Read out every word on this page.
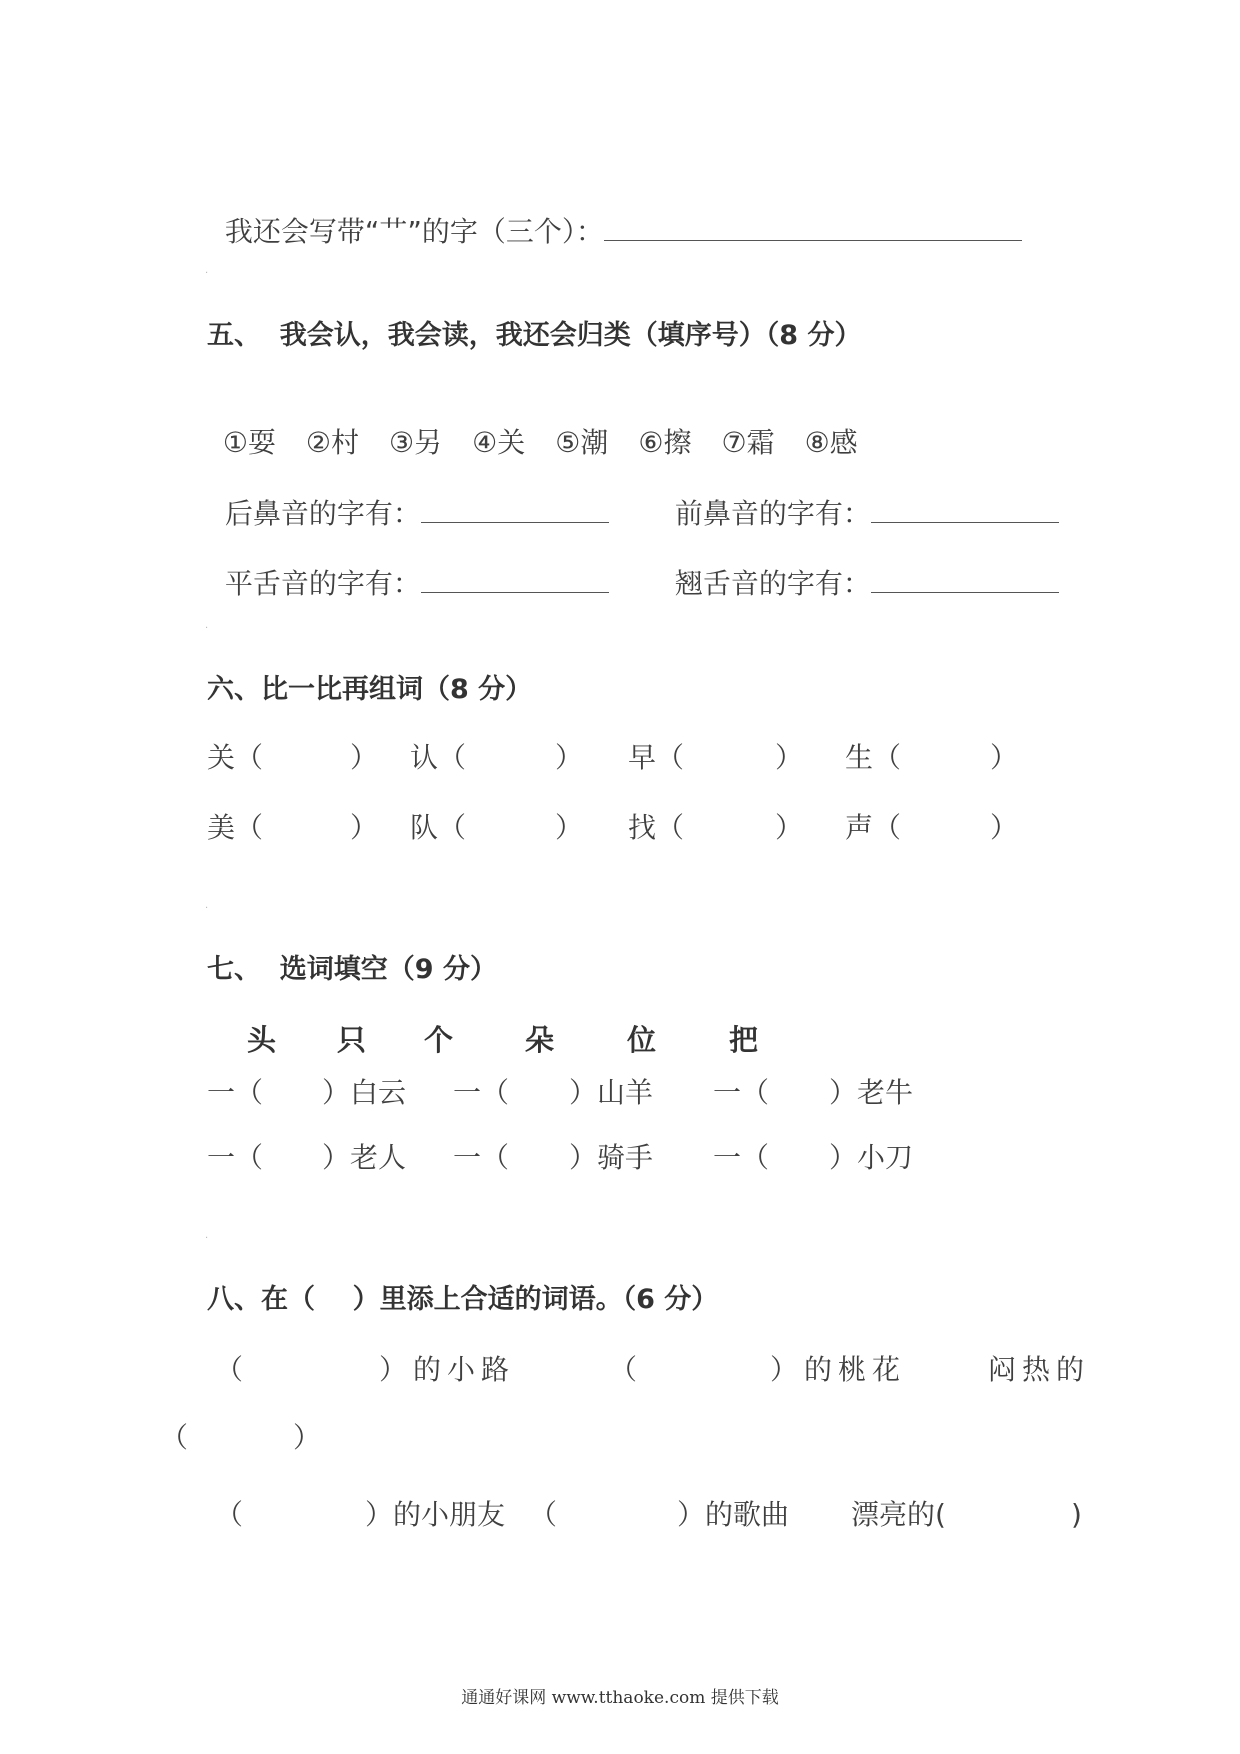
我还会写带“艹”的字（三个）：

.
五、  我会认，我会读，我还会归类（填序号）（8 分）

①耍 ②村 ③另 ④关 ⑤潮 ⑥擦 ⑦霜 ⑧感

后鼻音的字有：	前鼻音的字有：

平舌音的字有：	翘舌音的字有：

.
六、比一比再组词（8 分）
关（	） 认（	） 早（	） 生（	）
美（	） 队（	） 找（	） 声（	）
.
七、  选词填空（9 分）
头 只 个 朵	位	把
一（ ）白云 一（ ）山羊 一（ ）老牛
一（ ）老人 一（ ）骑手 一（ ）小刀
.
八、在（    ）里添上合适的词语。（6 分）
（	）的小路	（	）的桃花	闷热的
（	）
（	）的小朋友 （	）的歌曲 漂亮的(	)
通通好课网 www.tthaoke.com 提供下载
